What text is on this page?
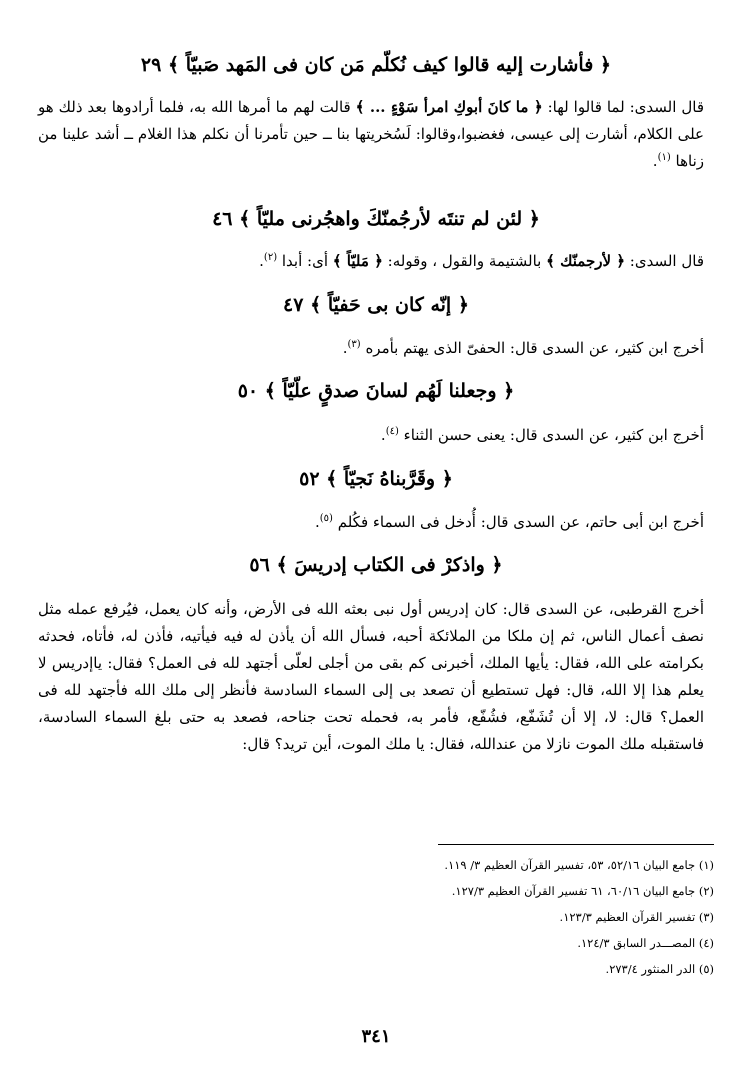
﴿ فأشارت إليه قالوا كيف نُكلّم مَن كان فى المَهد صَبيّاً ﴾ ٢٩

قال السدى: لما قالوا لها: ﴿ ما كانَ أبوكِ امرأ سَوْءٍ ... ﴾ قالت لهم ما أمرها الله به، فلما أرادوها بعد ذلك هو على الكلام، أشارت إلى عيسى، فغضبوا،وقالوا: لَسُخريتها بنا ــ حين تأمرنا أن نكلم هذا الغلام ــ أشد علينا من زناها $^{(١)}$.

﴿ لئن لم تنتَه لأرجُمنّكَ واهجُرنى مليّاً ﴾ ٤٦

قال السدى: ﴿ لأرجمنّك ﴾ بالشتيمة والقول ، وقوله: ﴿ مَليّاً ﴾ أى: أبدا $^{(٢)}$.

﴿ إنّه كان بى حَفيّاً ﴾ ٤٧

أخرج ابن كثير، عن السدى قال: الحفىّ الذى يهتم بأمره $^{(٣)}$.

﴿ وجعلنا لَهُم لسانَ صدقٍ علّيّاً ﴾ ٥٠

أخرج ابن كثير، عن السدى قال: يعنى حسن الثناء $^{(٤)}$.

﴿ وقَرَّبناهُ نَجيّاً ﴾ ٥٢

أخرج ابن أبى حاتم، عن السدى قال: أُدخل فى السماء فكُلم $^{(٥)}$.

﴿ واذكرْ فى الكتاب إدريسَ ﴾ ٥٦

أخرج القرطبى، عن السدى قال: كان إدريس أول نبى بعثه الله فى الأرض، وأنه كان يعمل، فيُرفع عمله مثل نصف أعمال الناس، ثم إن ملكا من الملائكة أحبه، فسأل الله أن يأذن له فيه فيأتيه، فأذن له، فأتاه، فحدثه بكرامته على الله، فقال: يأيها الملك، أخبرنى كم بقى من أجلى لعلّى أجتهد لله فى العمل؟ فقال: ياإدريس لا يعلم هذا إلا الله، قال: فهل تستطيع أن تصعد بى إلى السماء السادسة فأنظر إلى ملك الله فأجتهد لله فى العمل؟ قال: لا، إلا أن تُشَفّع، فشُفّع، فأمر به، فحمله تحت جناحه، فصعد به حتى بلغ السماء السادسة، فاستقبله ملك الموت نازلا من عندالله، فقال: يا ملك الموت، أين تريد؟ قال:

(١) جامع البيان ٥٢/١٦، ٥٣، تفسير القرآن العظيم ٣/ ١١٩.
(٢) جامع البيان ٦٠/١٦، ٦١ تفسير القرآن العظيم ١٢٧/٣.
(٣) تفسير القرآن العظيم ١٢٣/٣.
(٤) المصـــدر السابق ١٢٤/٣.
(٥) الدر المنثور ٢٧٣/٤.
٣٤١
